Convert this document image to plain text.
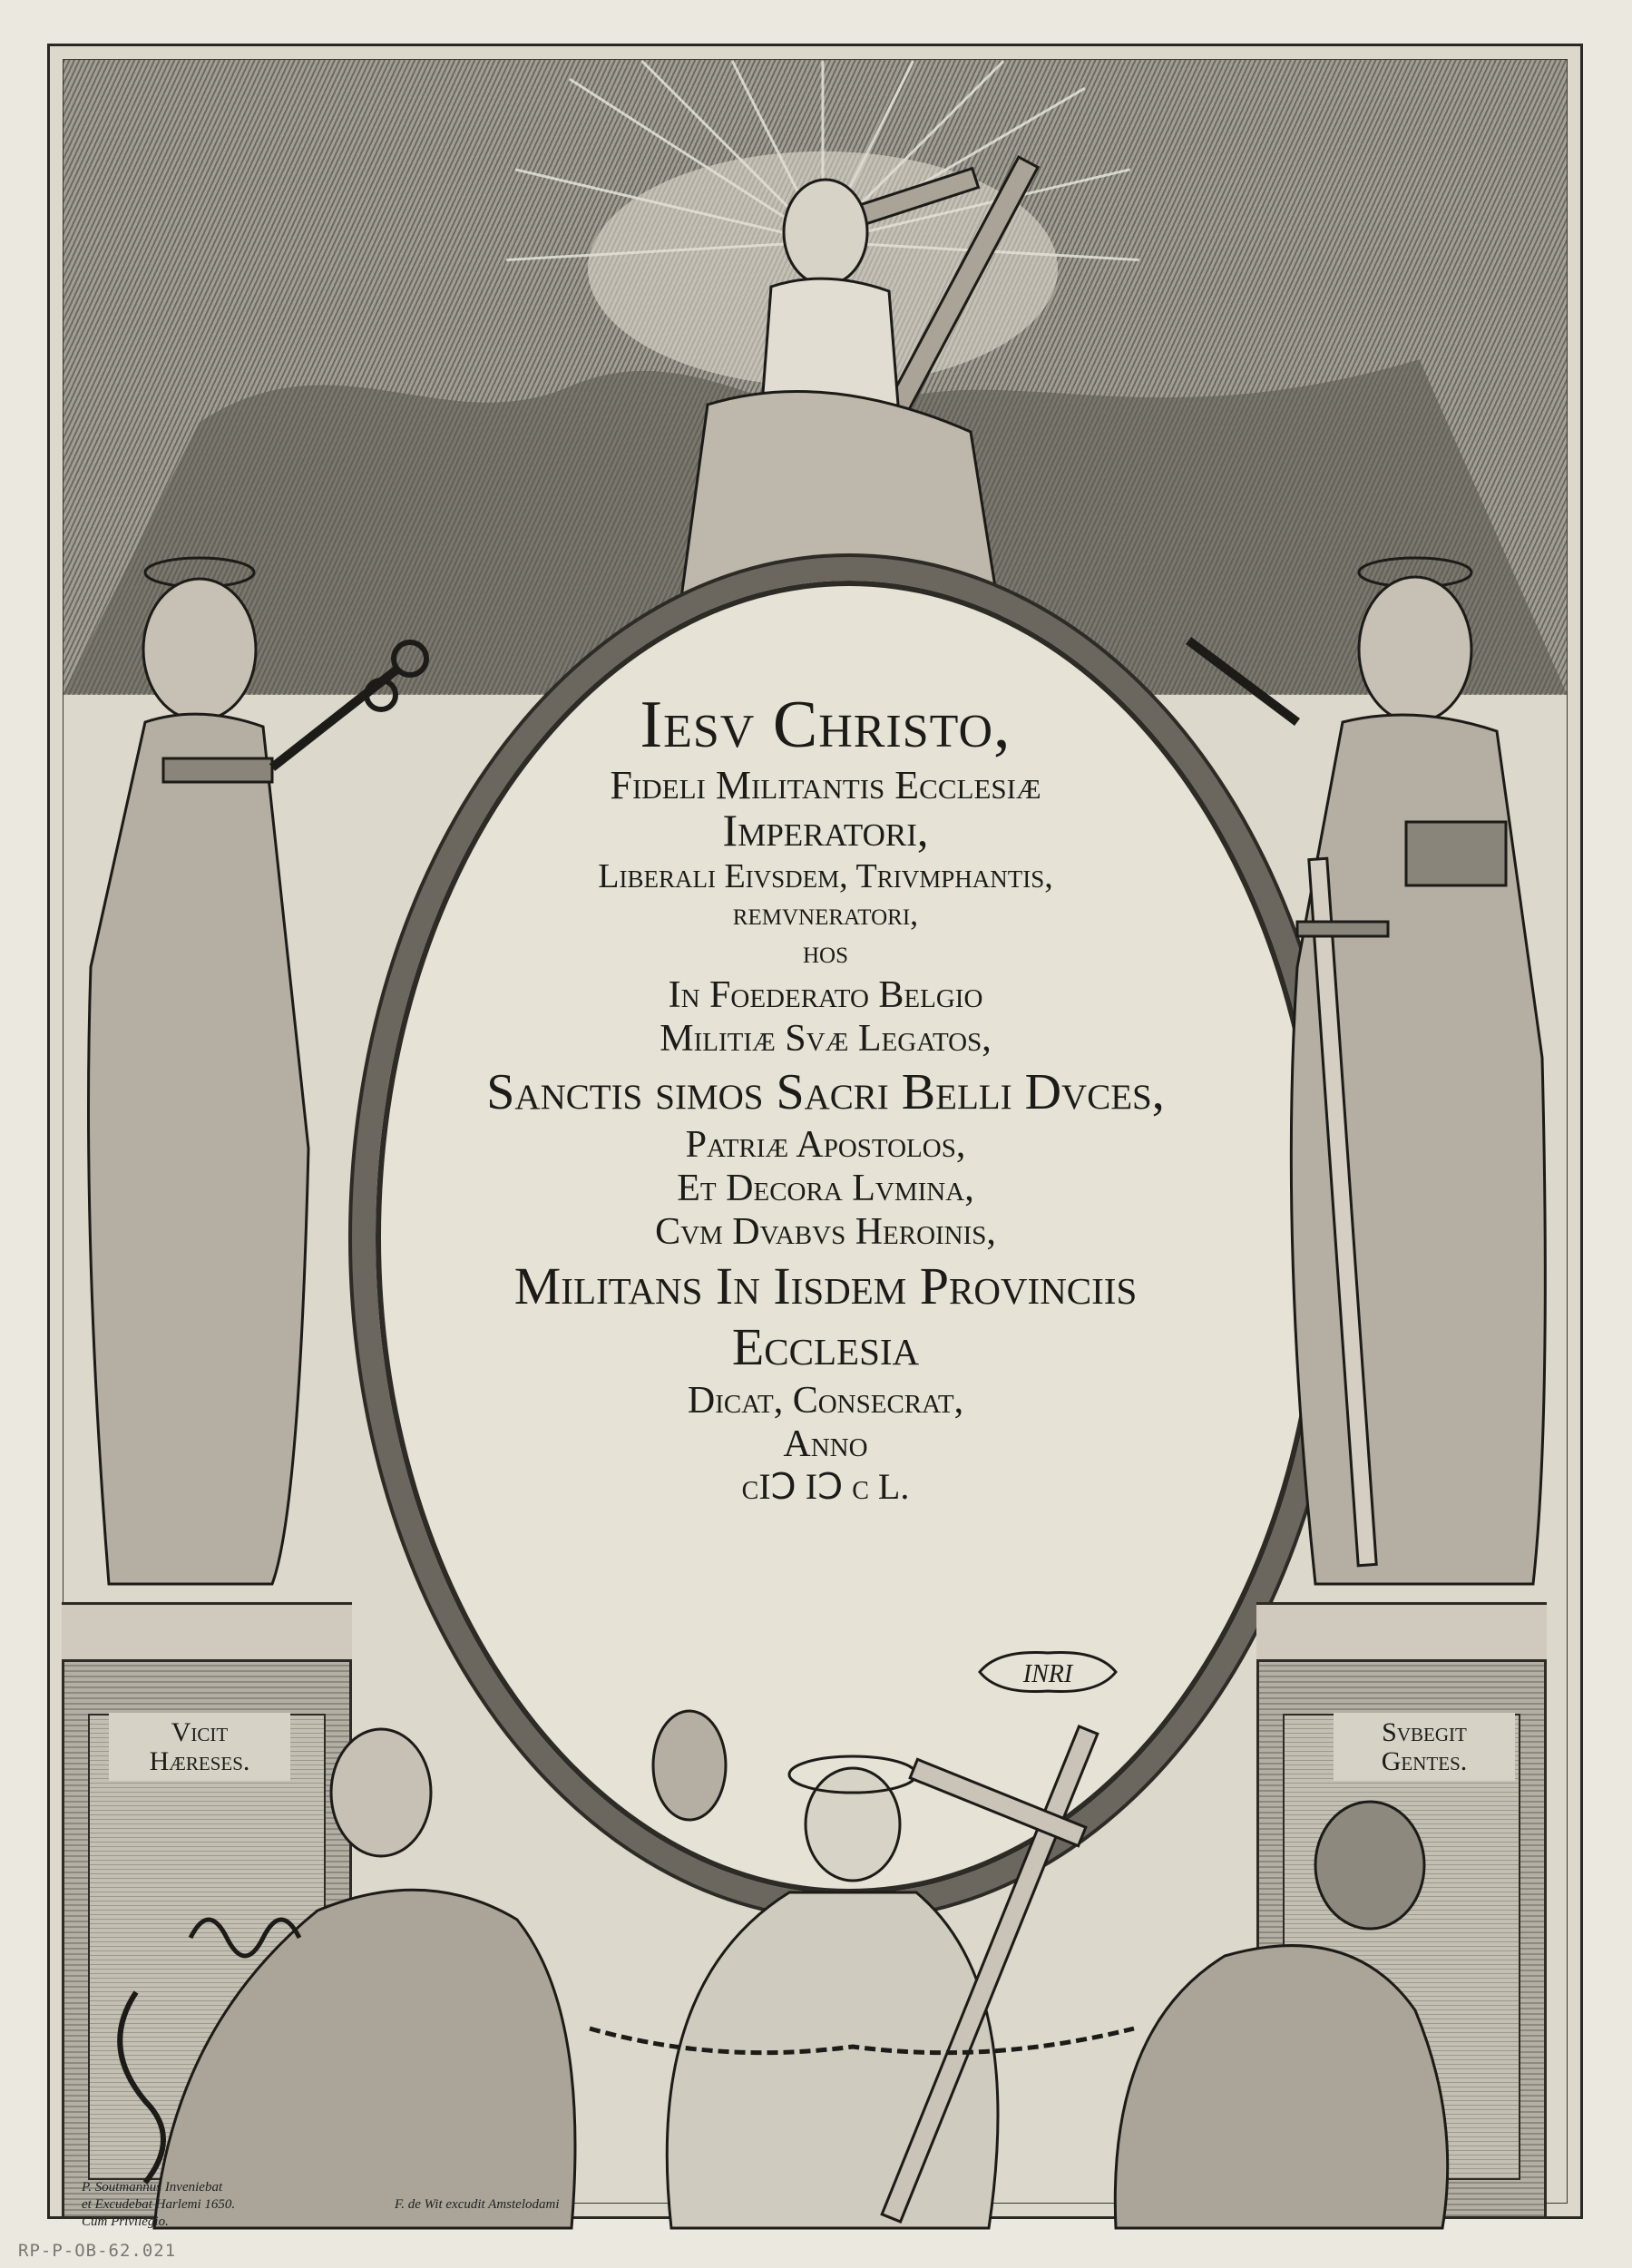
Vicit
Hæreses.
Svbegit
Gentes.
INRI
Iesv Christo,
Fideli Militantis Ecclesiæ
Imperatori,
Liberali Eivsdem, Trivmphantis,
remvneratori,
hos
In Foederato Belgio
Militiæ Svæ Legatos,
Sanctis simos Sacri Belli Dvces,
Patriæ Apostolos,
Et Decora Lvmina,
Cvm Dvabvs Heroinis,
Militans In Iisdem Provinciis
Ecclesia
Dicat, Consecrat,
Anno
cIↃ IↃ c L.
P. Soutmannus Inveniebat
et Excudebat Harlemi 1650.
Cum Privilegio.
F. de Wit excudit Amstelodami
RP-P-OB-62.021
